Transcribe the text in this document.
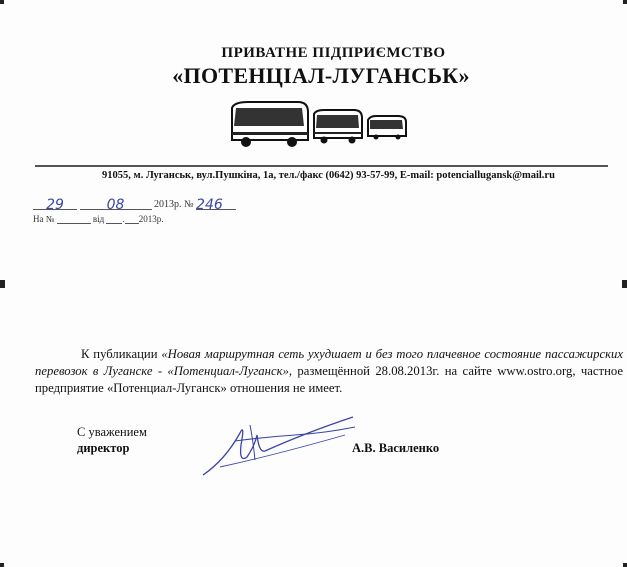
ПРИВАТНЕ ПІДПРИЄМСТВО
«ПОТЕНЦІАЛ-ЛУГАНСЬК»
91055, м. Луганськ, вул.Пушкіна, 1а, тел./факс (0642) 93-57-99, E-mail: potenciallugansk@mail.ru
29	08	2013р. № 246
На №	від . 2013р.
К публикации «Новая маршрутная сеть ухудшает и без того плачевное состояние пассажирских перевозок в Луганске - «Потенциал-Луганск», размещённой 28.08.2013г. на сайте www.ostro.org, частное предприятие «Потенциал-Луганск» отношения не имеет.
С уважением
директор	А.В. Василенко
